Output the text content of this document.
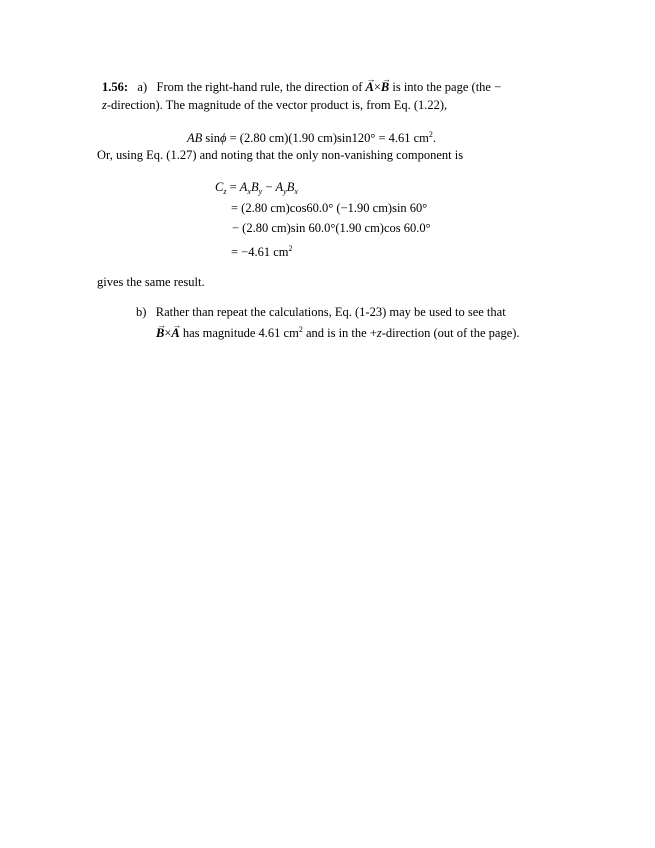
1.56: a) From the right-hand rule, the direction of → A×→ B is into the page (the −
z-direction). The magnitude of the vector product is, from Eq. (1.22),
AB sinϕ = (2.80 cm)(1.90 cm)sin120° = 4.61 $cm^2$.
Or, using Eq. (1.27) and noting that the only non-vanishing component is
$C_z = A_xB_y - A_yB_x$
= (2.80 cm)cos60.0° (−1.90 cm)sin 60°
− (2.80 cm)sin 60.0°(1.90 cm)cos 60.0°
= −4.61 $cm^2$
gives the same result.
b) Rather than repeat the calculations, Eq. (1-23) may be used to see that
→ B×→ A has magnitude 4.61 $cm^2$ and is in the +z-direction (out of the page).
